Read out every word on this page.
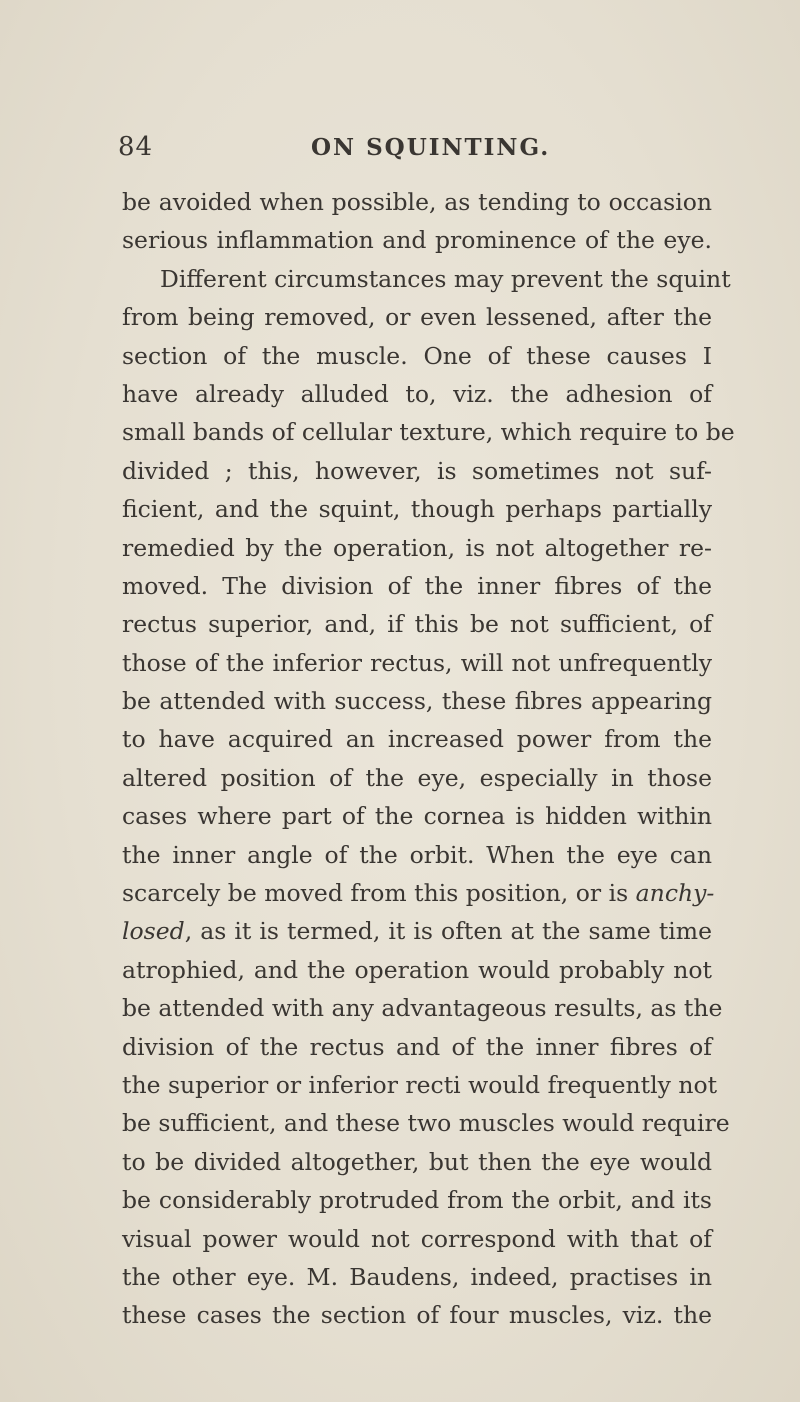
84	ON SQUINTING.
be avoided when possible, as tending to occasion
serious inflammation and prominence of the eye.
Different circumstances may prevent the squint
from being removed, or even lessened, after the
section of the muscle. One of these causes I
have already alluded to, viz. the adhesion of
small bands of cellular texture, which require to be
divided ; this, however, is sometimes not suf-
ficient, and the squint, though perhaps partially
remedied by the operation, is not altogether re-
moved. The division of the inner fibres of the
rectus superior, and, if this be not sufficient, of
those of the inferior rectus, will not unfrequently
be attended with success, these fibres appearing
to have acquired an increased power from the
altered position of the eye, especially in those
cases where part of the cornea is hidden within
the inner angle of the orbit. When the eye can
scarcely be moved from this position, or is anchy-
losed, as it is termed, it is often at the same time
atrophied, and the operation would probably not
be attended with any advantageous results, as the
division of the rectus and of the inner fibres of
the superior or inferior recti would frequently not
be sufficient, and these two muscles would require
to be divided altogether, but then the eye would
be considerably protruded from the orbit, and its
visual power would not correspond with that of
the other eye. M. Baudens, indeed, practises in
these cases the section of four muscles, viz. the
